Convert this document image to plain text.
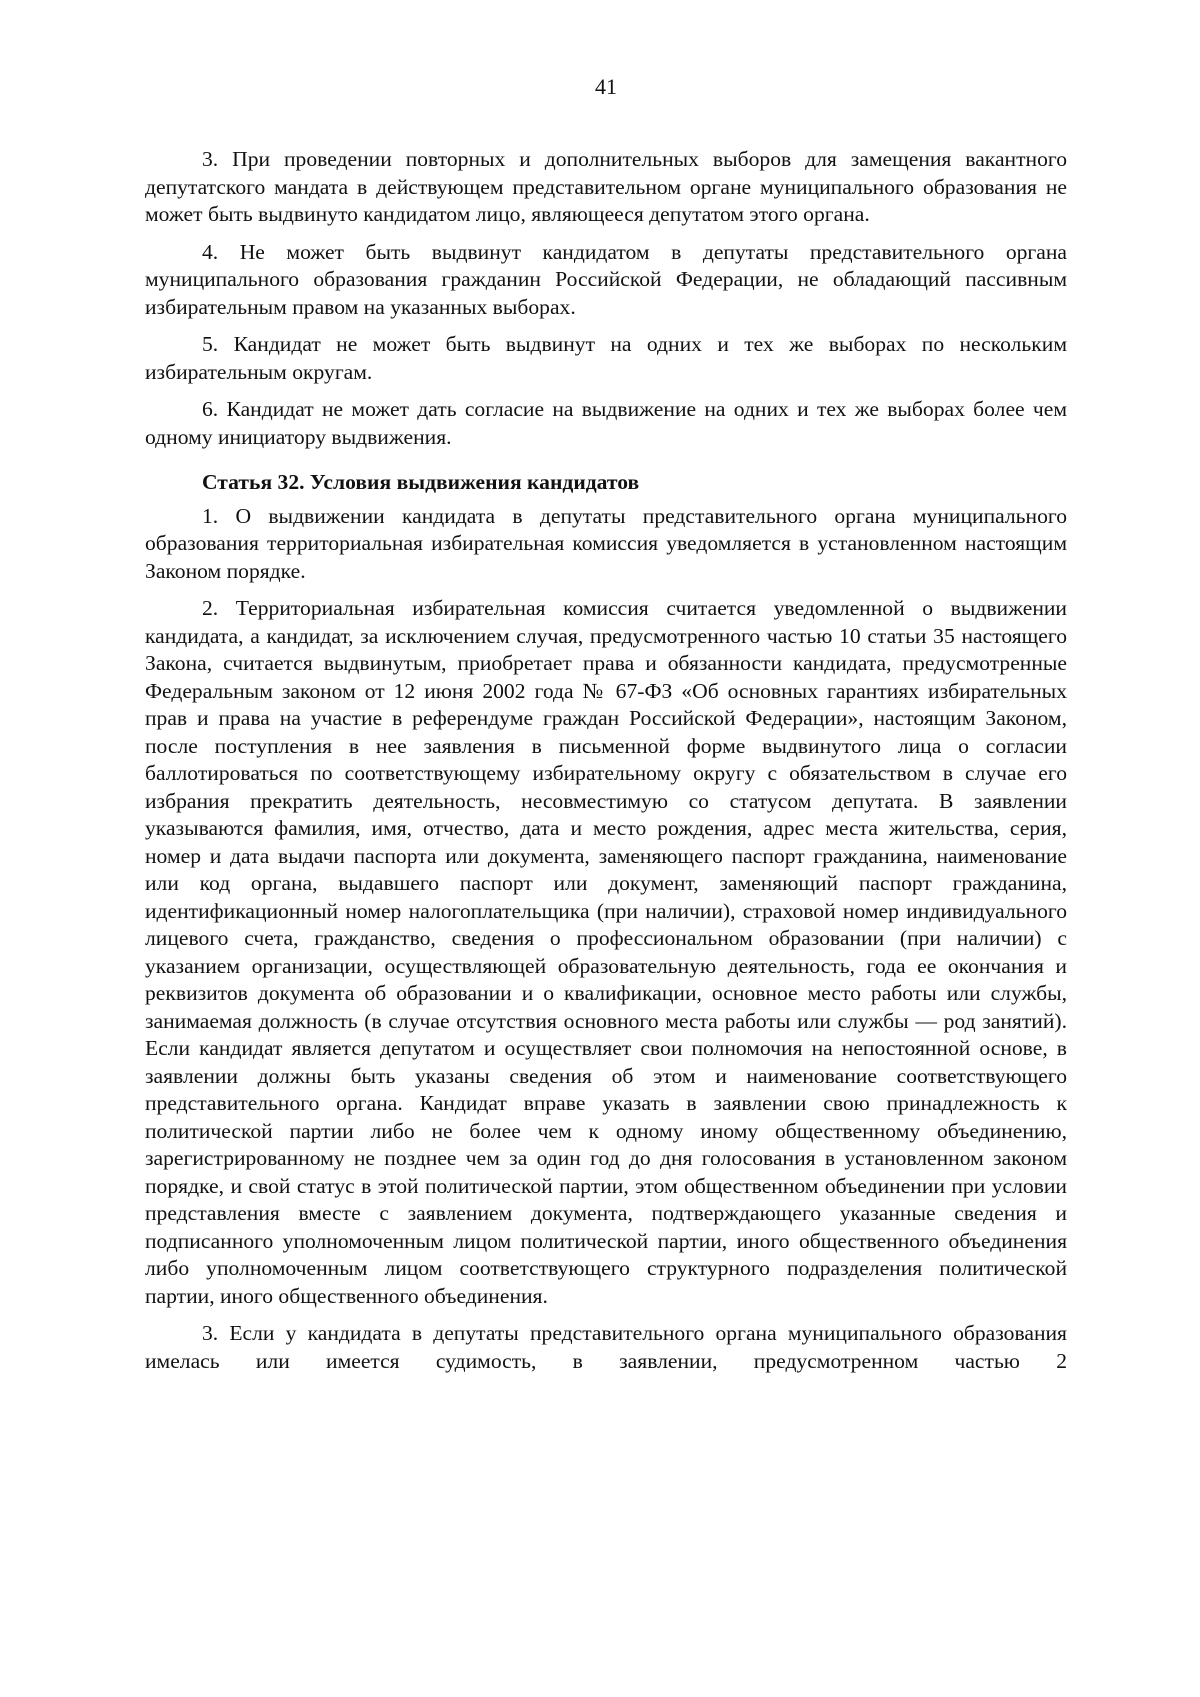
41

3. При проведении повторных и дополнительных выборов для замещения вакантного депутатского мандата в действующем представительном органе муниципального образования не может быть выдвинуто кандидатом лицо, являющееся депутатом этого органа.

4. Не может быть выдвинут кандидатом в депутаты представительного органа муниципального образования гражданин Российской Федерации, не обладающий пассивным избирательным правом на указанных выборах.

5. Кандидат не может быть выдвинут на одних и тех же выборах по нескольким избирательным округам.

6. Кандидат не может дать согласие на выдвижение на одних и тех же выборах более чем одному инициатору выдвижения.

Статья 32. Условия выдвижения кандидатов

1. О выдвижении кандидата в депутаты представительного органа муниципального образования территориальная избирательная комиссия уведомляется в установленном настоящим Законом порядке.

2. Территориальная избирательная комиссия считается уведомленной о выдвижении кандидата, а кандидат, за исключением случая, предусмотренного частью 10 статьи 35 настоящего Закона, считается выдвинутым, приобретает права и обязанности кандидата, предусмотренные Федеральным законом от 12 июня 2002 года № 67-ФЗ «Об основных гарантиях избирательных прав и права на участие в референдуме граждан Российской Федерации», настоящим Законом, после поступления в нее заявления в письменной форме выдвинутого лица о согласии баллотироваться по соответствующему избирательному округу с обязательством в случае его избрания прекратить деятельность, несовместимую со статусом депутата. В заявлении указываются фамилия, имя, отчество, дата и место рождения, адрес места жительства, серия, номер и дата выдачи паспорта или документа, заменяющего паспорт гражданина, наименование или код органа, выдавшего паспорт или документ, заменяющий паспорт гражданина, идентификационный номер налогоплательщика (при наличии), страховой номер индивидуального лицевого счета, гражданство, сведения о профессиональном образовании (при наличии) с указанием организации, осуществляющей образовательную деятельность, года ее окончания и реквизитов документа об образовании и о квалификации, основное место работы или службы, занимаемая должность (в случае отсутствия основного места работы или службы — род занятий). Если кандидат является депутатом и осуществляет свои полномочия на непостоянной основе, в заявлении должны быть указаны сведения об этом и наименование соответствующего представительного органа. Кандидат вправе указать в заявлении свою принадлежность к политической партии либо не более чем к одному иному общественному объединению, зарегистрированному не позднее чем за один год до дня голосования в установленном законом порядке, и свой статус в этой политической партии, этом общественном объединении при условии представления вместе с заявлением документа, подтверждающего указанные сведения и подписанного уполномоченным лицом политической партии, иного общественного объединения либо уполномоченным лицом соответствующего структурного подразделения политической партии, иного общественного объединения.

3. Если у кандидата в депутаты представительного органа муниципального образования имелась или имеется судимость, в заявлении, предусмотренном частью 2
